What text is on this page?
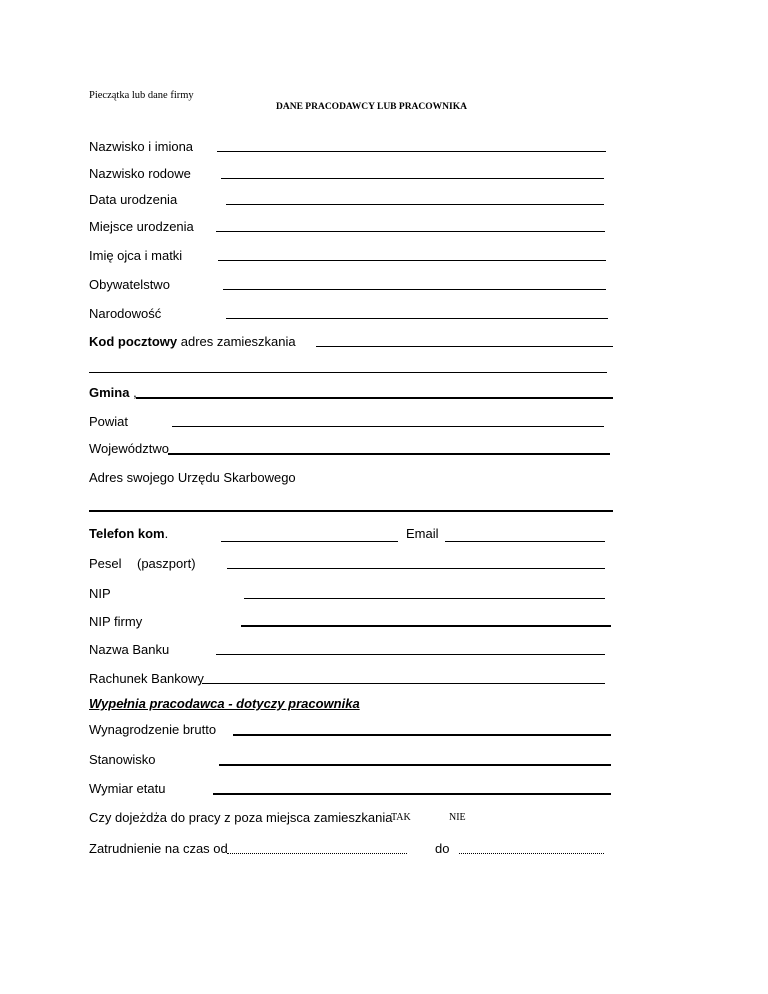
Pieczątka lub dane firmy
DANE PRACODAWCY LUB PRACOWNIKA
Nazwisko i imiona
Nazwisko rodowe
Data urodzenia
Miejsce urodzenia
Imię ojca i matki
Obywatelstwo
Narodowość
Kod pocztowy adres zamieszkania
Gmina ,
Powiat
Województwo
Adres swojego Urzędu Skarbowego
Telefon kom.	Email
Pesel (paszport)
NIP
NIP firmy
Nazwa Banku
Rachunek Bankowy
Wypełnia pracodawca - dotyczy pracownika
Wynagrodzenie brutto
Stanowisko
Wymiar etatu
Czy dojeżdża do pracy z poza miejsca zamieszkania
TAK	NIE
Zatrudnienie na czas od	do
